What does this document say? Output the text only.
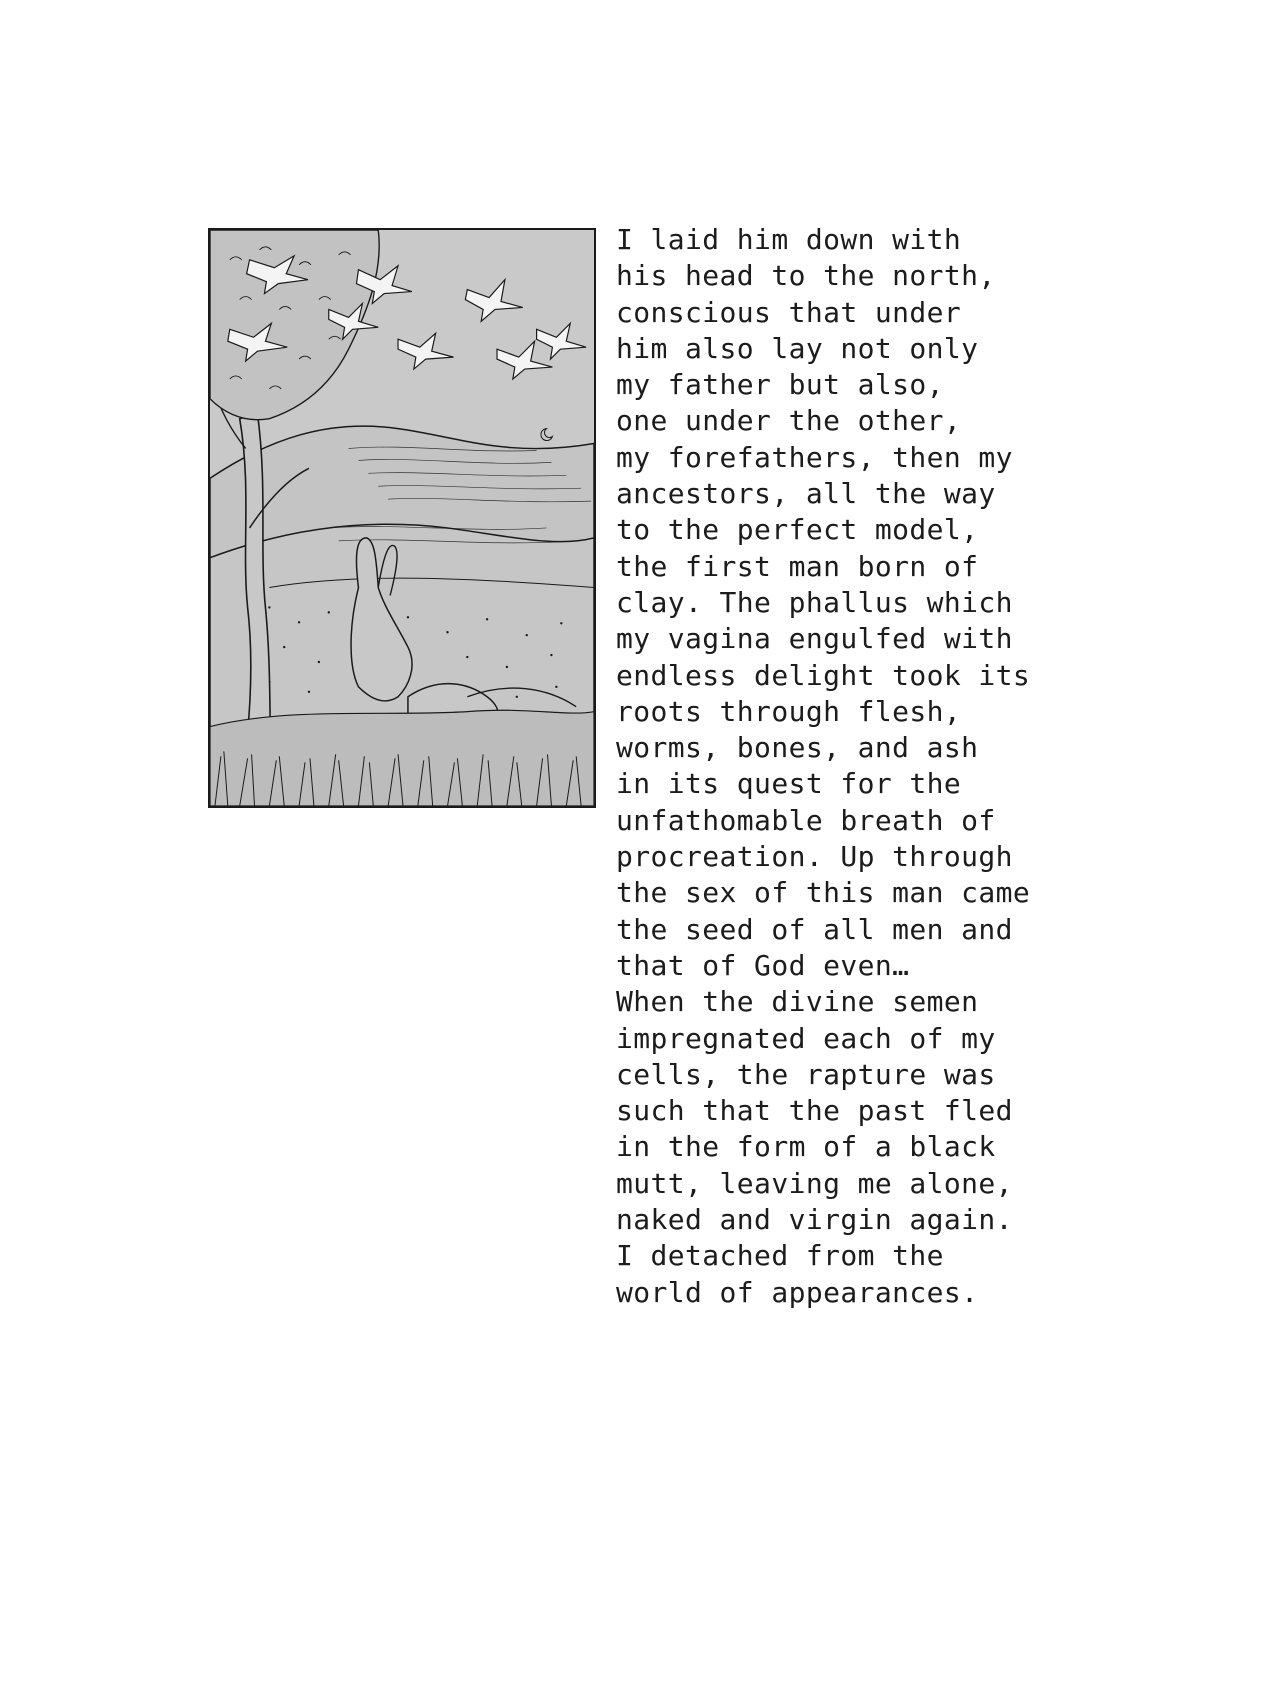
I laid him down with
his head to the north,
conscious that under
him also lay not only
my father but also,
one under the other,
my forefathers, then my
ancestors, all the way
to the perfect model,
the first man born of
clay. The phallus which
my vagina engulfed with
endless delight took its
roots through flesh,
worms, bones, and ash
in its quest for the
unfathomable breath of
procreation. Up through
the sex of this man came
the seed of all men and
that of God even…
When the divine semen
impregnated each of my
cells, the rapture was
such that the past fled
in the form of a black
mutt, leaving me alone,
naked and virgin again.
I detached from the
world of appearances.
